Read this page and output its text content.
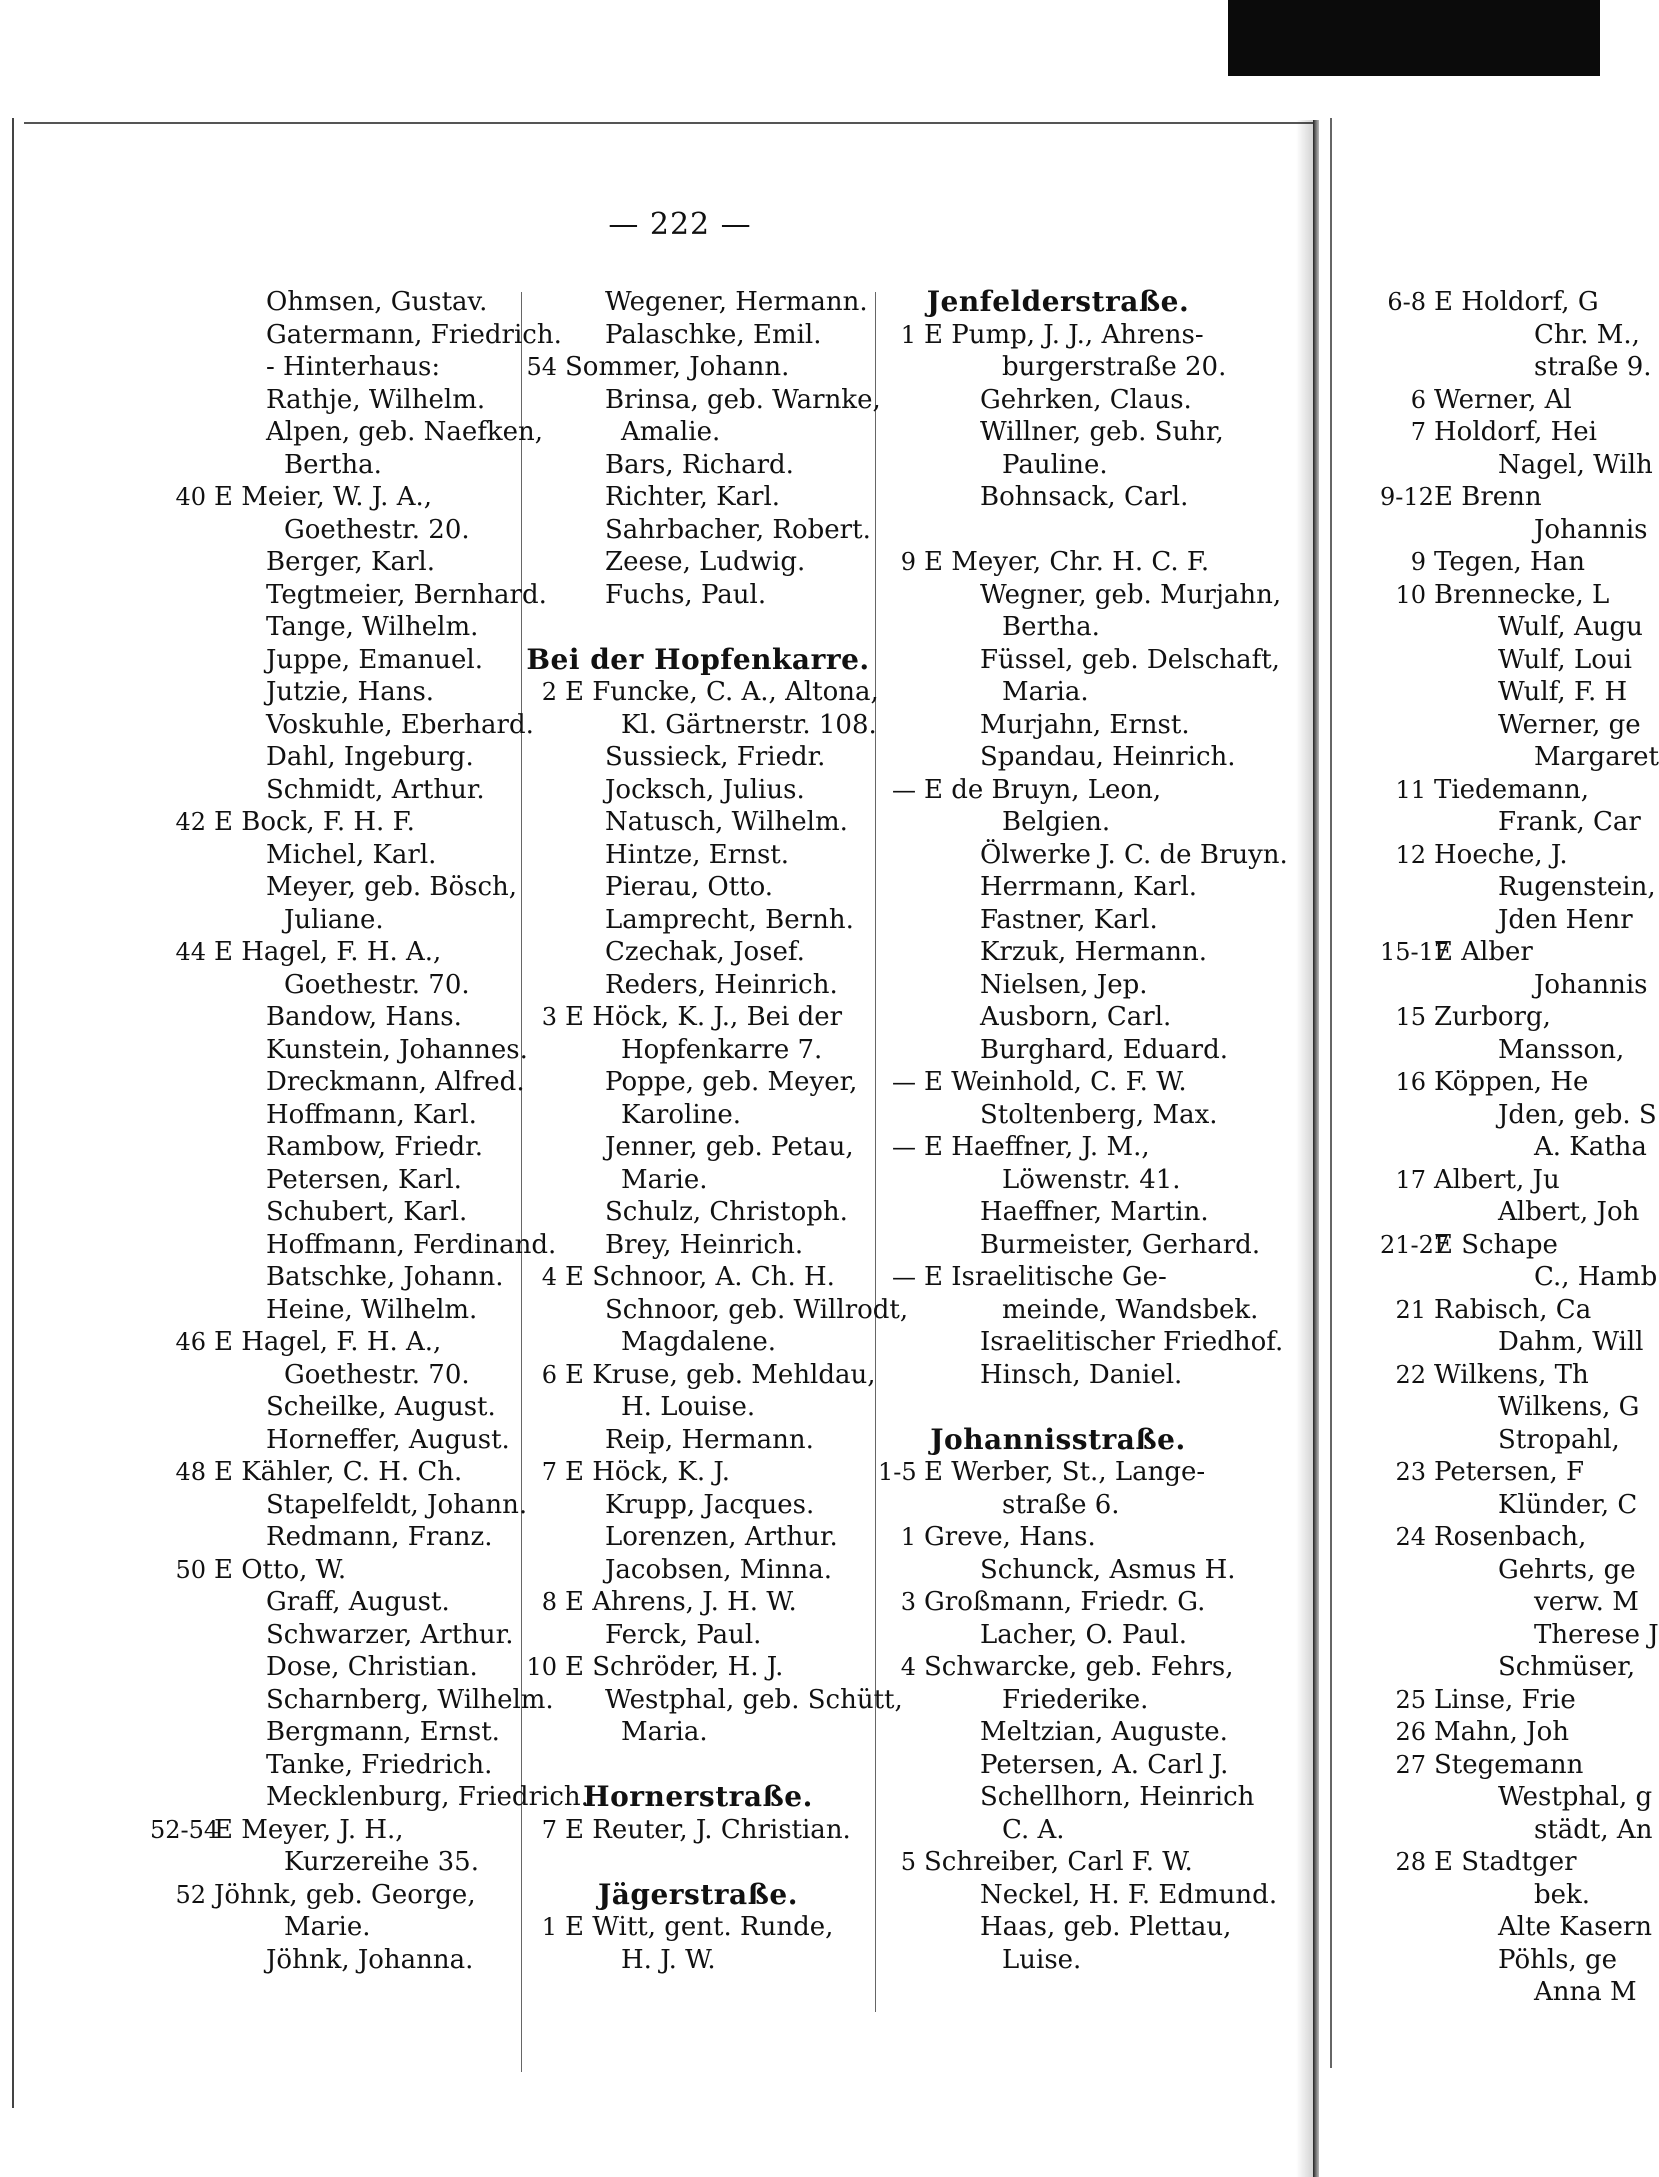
— 222 —
Ohmsen, Gustav.
Gatermann, Friedrich.
- Hinterhaus:
Rathje, Wilhelm.
Alpen, geb. Naefken,
Bertha.
40 E Meier, W. J. A.,
Goethestr. 20.
Berger, Karl.
Tegtmeier, Bernhard.
Tange, Wilhelm.
Juppe, Emanuel.
Jutzie, Hans.
Voskuhle, Eberhard.
Dahl, Ingeburg.
Schmidt, Arthur.
42 E Bock, F. H. F.
Michel, Karl.
Meyer, geb. Bösch,
Juliane.
44 E Hagel, F. H. A.,
Goethestr. 70.
Bandow, Hans.
Kunstein, Johannes.
Dreckmann, Alfred.
Hoffmann, Karl.
Rambow, Friedr.
Petersen, Karl.
Schubert, Karl.
Hoffmann, Ferdinand.
Batschke, Johann.
Heine, Wilhelm.
46 E Hagel, F. H. A.,
Goethestr. 70.
Scheilke, August.
Horneffer, August.
48 E Kähler, C. H. Ch.
Stapelfeldt, Johann.
Redmann, Franz.
50 E Otto, W.
Graff, August.
Schwarzer, Arthur.
Dose, Christian.
Scharnberg, Wilhelm.
Bergmann, Ernst.
Tanke, Friedrich.
Mecklenburg, Friedrich.
52-54
E Meyer, J. H.,
Kurzereihe 35.
52 Jöhnk, geb. George,
Marie.
Jöhnk, Johanna.
Wegener, Hermann.
Palaschke, Emil.
54 Sommer, Johann.
Brinsa, geb. Warnke,
Amalie.
Bars, Richard.
Richter, Karl.
Sahrbacher, Robert.
Zeese, Ludwig.
Fuchs, Paul.
Bei der Hopfenkarre.
2 E Funcke, C. A., Altona,
Kl. Gärtnerstr. 108.
Sussieck, Friedr.
Jocksch, Julius.
Natusch, Wilhelm.
Hintze, Ernst.
Pierau, Otto.
Lamprecht, Bernh.
Czechak, Josef.
Reders, Heinrich.
3 E Höck, K. J., Bei der
Hopfenkarre 7.
Poppe, geb. Meyer,
Karoline.
Jenner, geb. Petau,
Marie.
Schulz, Christoph.
Brey, Heinrich.
4 E Schnoor, A. Ch. H.
Schnoor, geb. Willrodt,
Magdalene.
6 E Kruse, geb. Mehldau,
H. Louise.
Reip, Hermann.
7 E Höck, K. J.
Krupp, Jacques.
Lorenzen, Arthur.
Jacobsen, Minna.
8 E Ahrens, J. H. W.
Ferck, Paul.
10 E Schröder, H. J.
Westphal, geb. Schütt,
Maria.
Hornerstraße.
7 E Reuter, J. Christian.
Jägerstraße.
1 E Witt, gent. Runde,
H. J. W.
Jenfelderstraße.
1 E Pump, J. J., Ahrens-
burgerstraße 20.
Gehrken, Claus.
Willner, geb. Suhr,
Pauline.
Bohnsack, Carl.
9 E Meyer, Chr. H. C. F.
Wegner, geb. Murjahn,
Bertha.
Füssel, geb. Delschaft,
Maria.
Murjahn, Ernst.
Spandau, Heinrich.
— E de Bruyn, Leon,
Belgien.
Ölwerke J. C. de Bruyn.
Herrmann, Karl.
Fastner, Karl.
Krzuk, Hermann.
Nielsen, Jep.
Ausborn, Carl.
Burghard, Eduard.
— E Weinhold, C. F. W.
Stoltenberg, Max.
— E Haeffner, J. M.,
Löwenstr. 41.
Haeffner, Martin.
Burmeister, Gerhard.
— E Israelitische Ge-
meinde, Wandsbek.
Israelitischer Friedhof.
Hinsch, Daniel.
Johannisstraße.
1-5 E Werber, St., Lange-
straße 6.
1 Greve, Hans.
Schunck, Asmus H.
3 Großmann, Friedr. G.
Lacher, O. Paul.
4 Schwarcke, geb. Fehrs,
Friederike.
Meltzian, Auguste.
Petersen, A. Carl J.
Schellhorn, Heinrich
C. A.
5 Schreiber, Carl F. W.
Neckel, H. F. Edmund.
Haas, geb. Plettau,
Luise.
6-8 E Holdorf, G
Chr. M.,
straße 9.
6 Werner, Al
7 Holdorf, Hei
Nagel, Wilh
9-12 E Brenn
Johannis
9 Tegen, Han
10 Brennecke, L
Wulf, Augu
Wulf, Loui
Wulf, F. H
Werner, ge
Margaret
11 Tiedemann,
Frank, Car
12 Hoeche, J.
Rugenstein,
Jden Henr
15-17
E Alber
Johannis
15 Zurborg,
Mansson,
16 Köppen, He
Jden, geb. S
A. Katha
17 Albert, Ju
Albert, Joh
21-27
E Schape
C., Hamb
21 Rabisch, Ca
Dahm, Will
22 Wilkens, Th
Wilkens, G
Stropahl,
23 Petersen, F
Klünder, C
24 Rosenbach,
Gehrts, ge
verw. M
Therese J
Schmüser,
25 Linse, Frie
26 Mahn, Joh
27 Stegemann
Westphal, g
städt, An
28 E Stadtger
bek.
Alte Kasern
Pöhls, ge
Anna M
